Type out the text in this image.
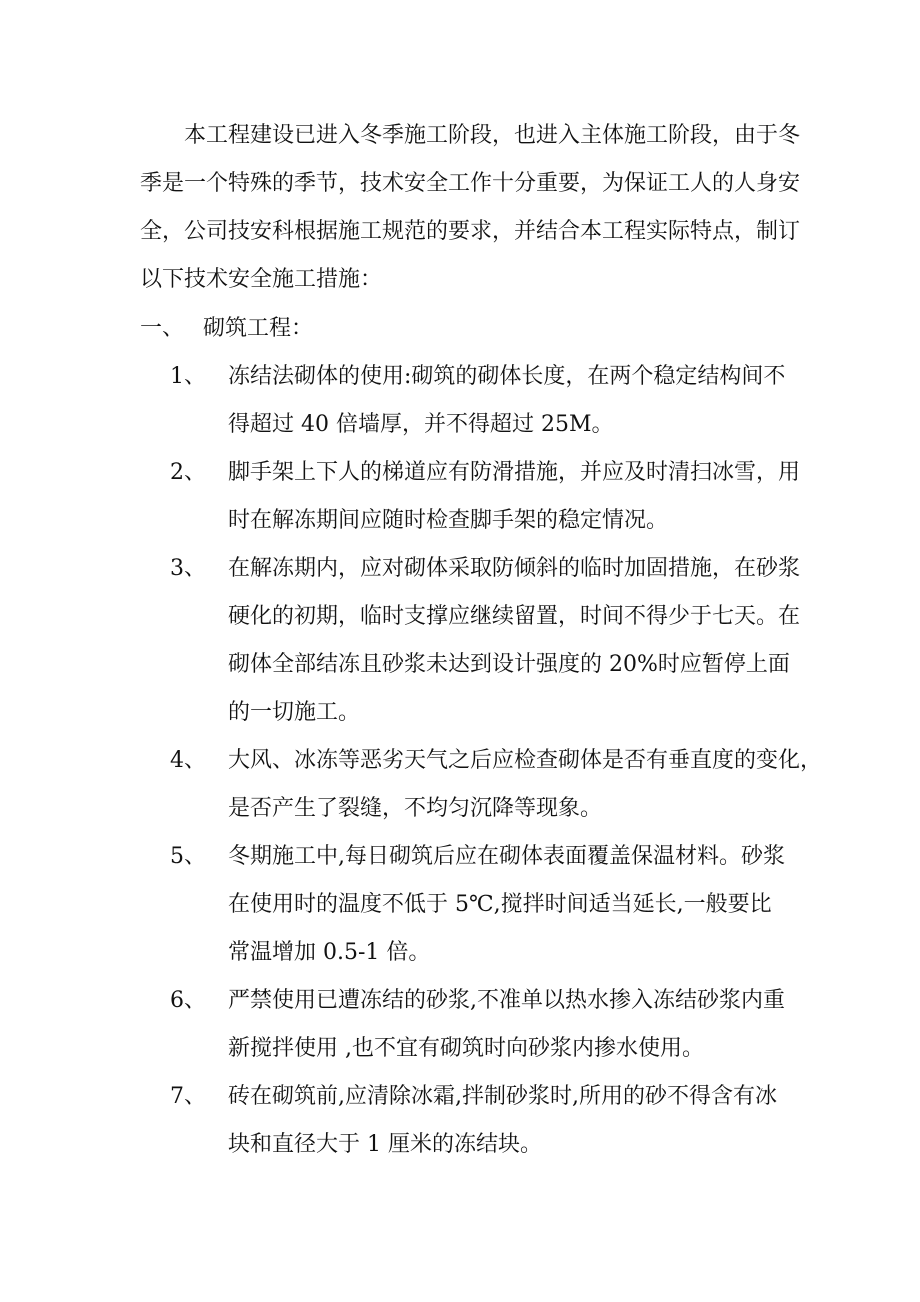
本工程建设已进入冬季施工阶段，也进入主体施工阶段，由于冬
季是一个特殊的季节，技术安全工作十分重要，为保证工人的人身安
全，公司技安科根据施工规范的要求，并结合本工程实际特点，制订
以下技术安全施工措施：
一、 砌筑工程：
1、	冻结法砌体的使用:砌筑的砌体长度，在两个稳定结构间不
得超过 40 倍墙厚，并不得超过 25M。
2、	脚手架上下人的梯道应有防滑措施，并应及时清扫冰雪，用
时在解冻期间应随时检查脚手架的稳定情况。
3、	在解冻期内，应对砌体采取防倾斜的临时加固措施，在砂浆
硬化的初期，临时支撑应继续留置，时间不得少于七天。在
砌体全部结冻且砂浆未达到设计强度的 20%时应暂停上面
的一切施工。
4、	大风、冰冻等恶劣天气之后应检查砌体是否有垂直度的变化，
是否产生了裂缝，不均匀沉降等现象。
5、	冬期施工中,每日砌筑后应在砌体表面覆盖保温材料。砂浆
在使用时的温度不低于 5℃,搅拌时间适当延长,一般要比
常温增加 0.5-1 倍。
6、	严禁使用已遭冻结的砂浆,不准单以热水掺入冻结砂浆内重
新搅拌使用 ,也不宜有砌筑时向砂浆内掺水使用。
7、	砖在砌筑前,应清除冰霜,拌制砂浆时,所用的砂不得含有冰
块和直径大于 1 厘米的冻结块。
